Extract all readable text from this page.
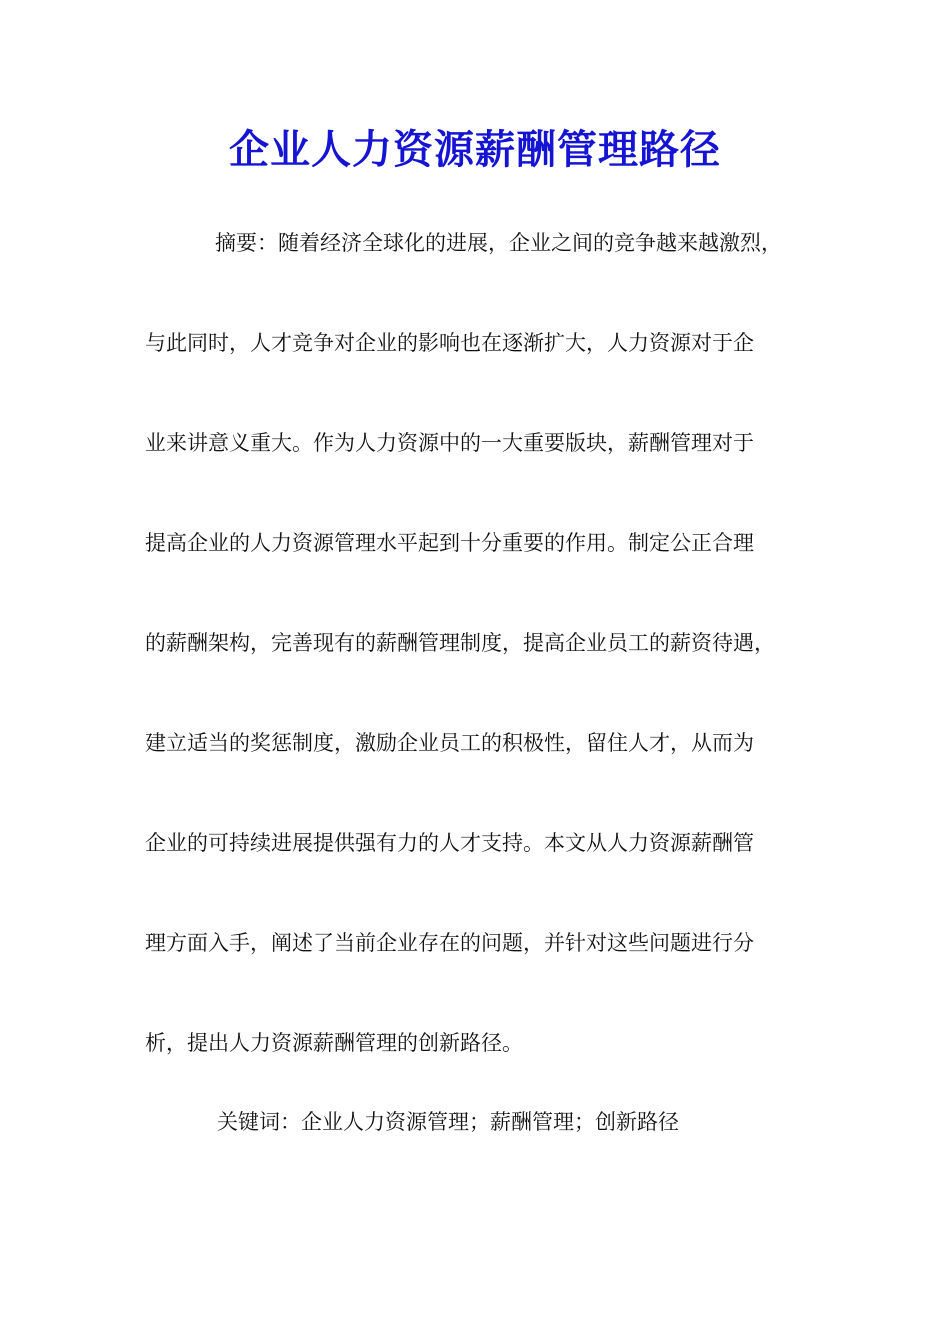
企业人力资源薪酬管理路径
摘要：随着经济全球化的进展，企业之间的竞争越来越激烈，
与此同时，人才竞争对企业的影响也在逐渐扩大，人力资源对于企
业来讲意义重大。作为人力资源中的一大重要版块，薪酬管理对于
提高企业的人力资源管理水平起到十分重要的作用。制定公正合理
的薪酬架构，完善现有的薪酬管理制度，提高企业员工的薪资待遇，
建立适当的奖惩制度，激励企业员工的积极性，留住人才，从而为
企业的可持续进展提供强有力的人才支持。本文从人力资源薪酬管
理方面入手，阐述了当前企业存在的问题，并针对这些问题进行分
析，提出人力资源薪酬管理的创新路径。
关键词：企业人力资源管理；薪酬管理；创新路径
